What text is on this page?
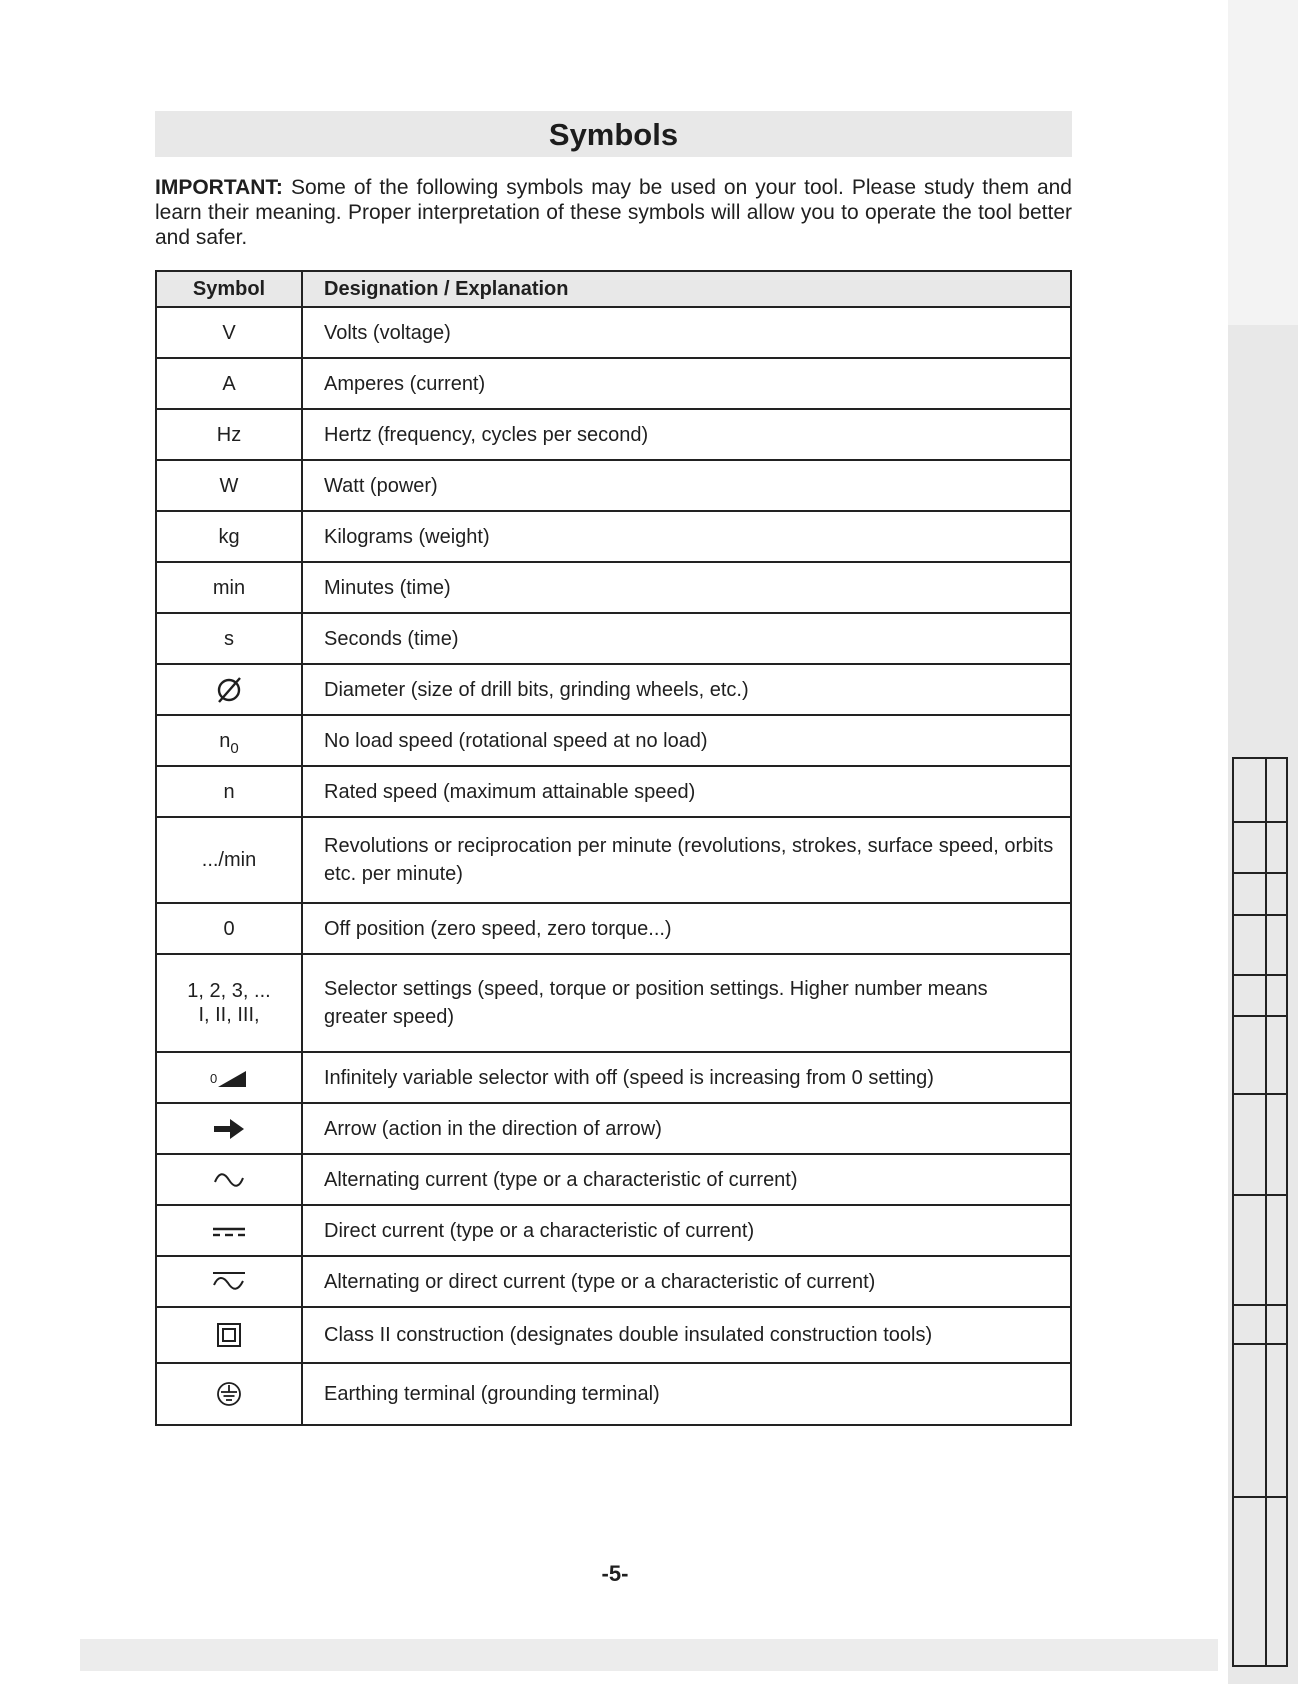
Symbols

IMPORTANT: Some of the following symbols may be used on your tool. Please study them and learn their meaning. Proper interpretation of these symbols will allow you to operate the tool better and safer.

Symbol	Designation / Explanation
V	Volts (voltage)
A	Amperes (current)
Hz	Hertz (frequency, cycles per second)
W	Watt (power)
kg	Kilograms (weight)
min	Minutes (time)
s	Seconds (time)
	Diameter (size of drill bits, grinding wheels, etc.)
$n_0$	No load speed (rotational speed at no load)
n	Rated speed (maximum attainable speed)
.../min	Revolutions or reciprocation per minute (revolutions, strokes, surface speed, orbits etc. per minute)
0	Off position (zero speed, zero torque...)
1, 2, 3, ...
I, II, III,	Selector settings (speed, torque or position settings. Higher number means greater speed)

0	Infinitely variable selector with off (speed is increasing from 0 setting)
	Arrow (action in the direction of arrow)
	Alternating current (type or a characteristic of current)
	Direct current (type or a characteristic of current)
	Alternating or direct current (type or a characteristic of current)
	Class II construction (designates double insulated construction tools)
	Earthing terminal (grounding terminal)
-5-
